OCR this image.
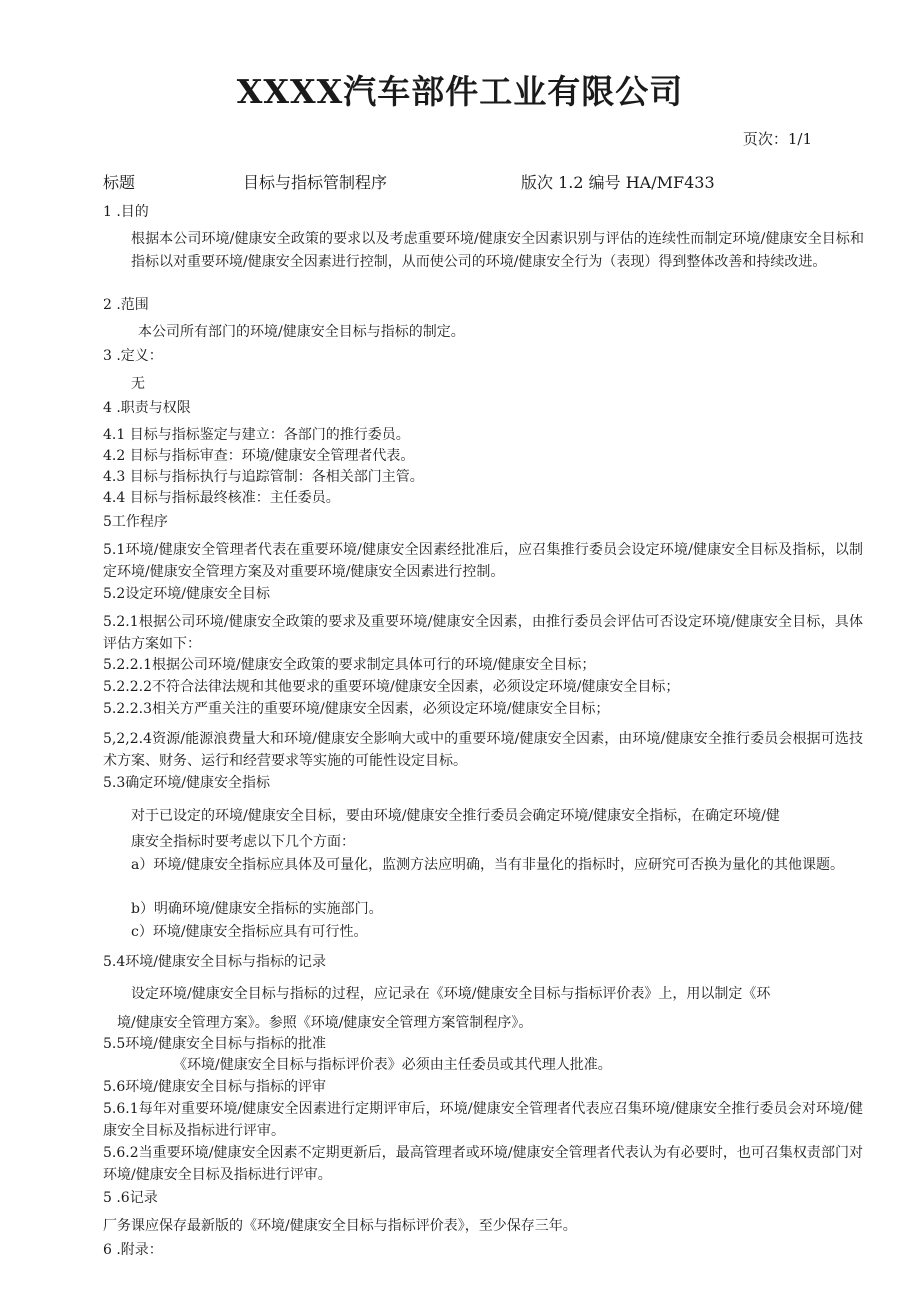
XXXX汽车部件工业有限公司
页次：1/1
标题	目标与指标管制程序	版次 1.2 编号 HA/MF433
1 .目的
根据本公司环境/健康安全政策的要求以及考虑重要环境/健康安全因素识别与评估的连续性而制定环境/健康安全目标和指标以对重要环境/健康安全因素进行控制，从而使公司的环境/健康安全行为（表现）得到整体改善和持续改进。
2 .范围
本公司所有部门的环境/健康安全目标与指标的制定。
3 .定义：
无
4 .职责与权限
4.1 目标与指标鉴定与建立：各部门的推行委员。
4.2 目标与指标审查：环境/健康安全管理者代表。
4.3 目标与指标执行与追踪管制：各相关部门主管。
4.4 目标与指标最终核准：主任委员。
5工作程序
5.1环境/健康安全管理者代表在重要环境/健康安全因素经批准后，应召集推行委员会设定环境/健康安全目标及指标，以制定环境/健康安全管理方案及对重要环境/健康安全因素进行控制。
5.2设定环境/健康安全目标
5.2.1根据公司环境/健康安全政策的要求及重要环境/健康安全因素，由推行委员会评估可否设定环境/健康安全目标，具体评估方案如下：
5.2.2.1根据公司环境/健康安全政策的要求制定具体可行的环境/健康安全目标；
5.2.2.2不符合法律法规和其他要求的重要环境/健康安全因素，必须设定环境/健康安全目标；
5.2.2.3相关方严重关注的重要环境/健康安全因素，必须设定环境/健康安全目标；
5,2,2.4资源/能源浪费量大和环境/健康安全影响大或中的重要环境/健康安全因素，由环境/健康安全推行委员会根据可选技术方案、财务、运行和经营要求等实施的可能性设定目标。
5.3确定环境/健康安全指标
对于已设定的环境/健康安全目标，要由环境/健康安全推行委员会确定环境/健康安全指标，在确定环境/健
康安全指标时要考虑以下几个方面：
a）环境/健康安全指标应具体及可量化，监测方法应明确，当有非量化的指标时，应研究可否换为量化的其他课题。
b）明确环境/健康安全指标的实施部门。
c）环境/健康安全指标应具有可行性。
5.4环境/健康安全目标与指标的记录
设定环境/健康安全目标与指标的过程，应记录在《环境/健康安全目标与指标评价表》上，用以制定《环
境/健康安全管理方案》。参照《环境/健康安全管理方案管制程序》。
5.5环境/健康安全目标与指标的批准
《环境/健康安全目标与指标评价表》必须由主任委员或其代理人批准。
5.6环境/健康安全目标与指标的评审
5.6.1每年对重要环境/健康安全因素进行定期评审后，环境/健康安全管理者代表应召集环境/健康安全推行委员会对环境/健康安全目标及指标进行评审。
5.6.2当重要环境/健康安全因素不定期更新后，最高管理者或环境/健康安全管理者代表认为有必要时，也可召集权责部门对环境/健康安全目标及指标进行评审。
5 .6记录
厂务课应保存最新版的《环境/健康安全目标与指标评价表》，至少保存三年。
6 .附录：
